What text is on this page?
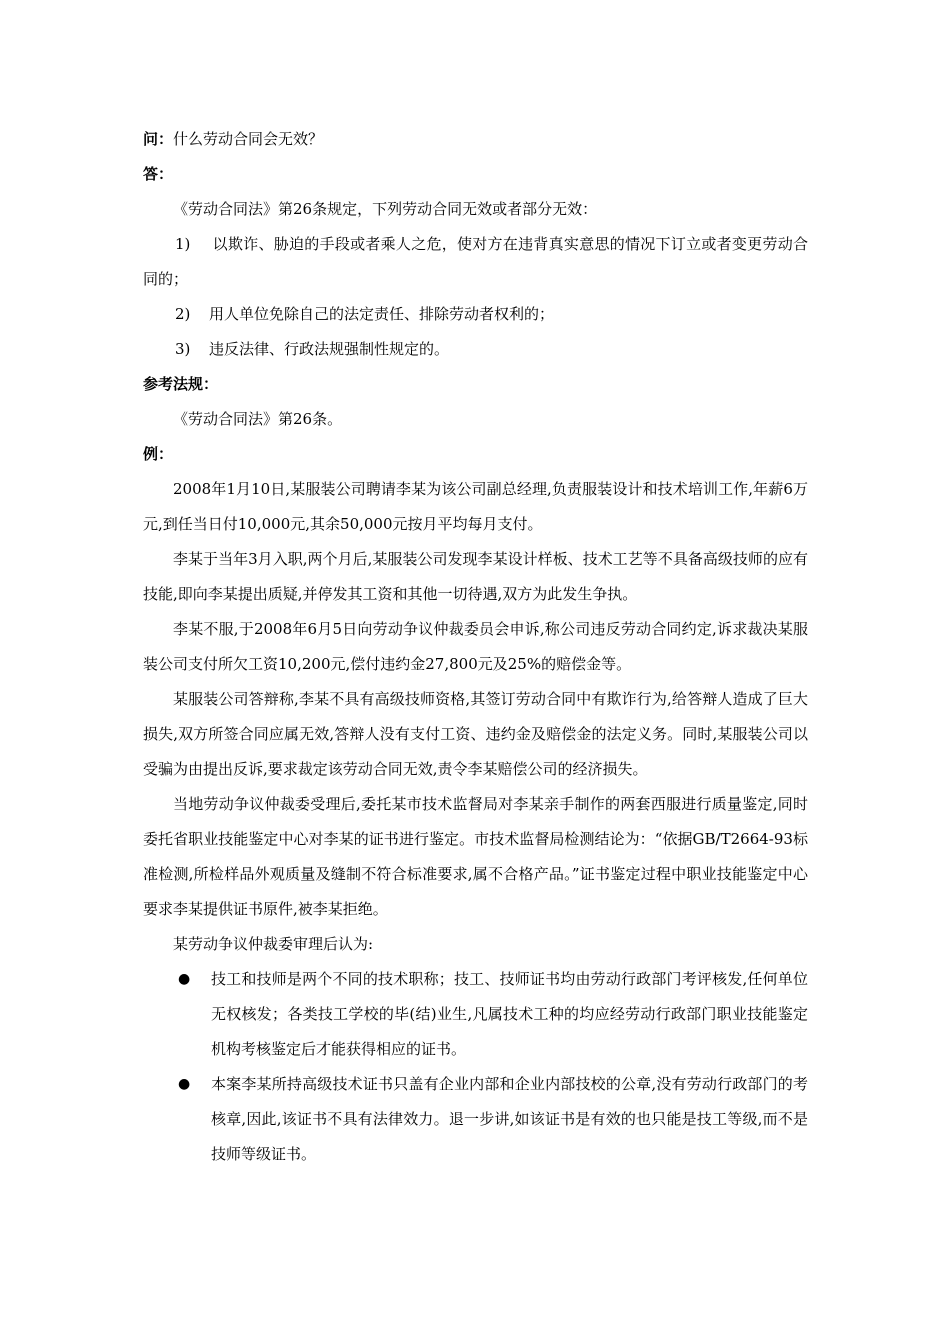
问：什么劳动合同会无效？

答：

《劳动合同法》第26条规定，下列劳动合同无效或者部分无效：

1) 以欺诈、胁迫的手段或者乘人之危，使对方在违背真实意思的情况下订立或者变更劳动合同的；

2) 用人单位免除自己的法定责任、排除劳动者权利的；

3) 违反法律、行政法规强制性规定的。

参考法规：

《劳动合同法》第26条。

例：

2008年1月10日,某服装公司聘请李某为该公司副总经理,负责服装设计和技术培训工作,年薪6万元,到任当日付10,000元,其余50,000元按月平均每月支付。

李某于当年3月入职,两个月后,某服装公司发现李某设计样板、技术工艺等不具备高级技师的应有技能,即向李某提出质疑,并停发其工资和其他一切待遇,双方为此发生争执。

李某不服,于2008年6月5日向劳动争议仲裁委员会申诉,称公司违反劳动合同约定,诉求裁决某服装公司支付所欠工资10,200元,偿付违约金27,800元及25%的赔偿金等。

某服装公司答辩称,李某不具有高级技师资格,其签订劳动合同中有欺诈行为,给答辩人造成了巨大损失,双方所签合同应属无效,答辩人没有支付工资、违约金及赔偿金的法定义务。同时,某服装公司以受骗为由提出反诉,要求裁定该劳动合同无效,责令李某赔偿公司的经济损失。

当地劳动争议仲裁委受理后,委托某市技术监督局对李某亲手制作的两套西服进行质量鉴定,同时委托省职业技能鉴定中心对李某的证书进行鉴定。市技术监督局检测结论为：“依据GB/T2664-93标准检测,所检样品外观质量及缝制不符合标准要求,属不合格产品。”证书鉴定过程中职业技能鉴定中心要求李某提供证书原件,被李某拒绝。

某劳动争议仲裁委审理后认为:

● 技工和技师是两个不同的技术职称；技工、技师证书均由劳动行政部门考评核发,任何单位无权核发；各类技工学校的毕(结)业生,凡属技术工种的均应经劳动行政部门职业技能鉴定机构考核鉴定后才能获得相应的证书。

● 本案李某所持高级技术证书只盖有企业内部和企业内部技校的公章,没有劳动行政部门的考核章,因此,该证书不具有法律效力。退一步讲,如该证书是有效的也只能是技工等级,而不是技师等级证书。
